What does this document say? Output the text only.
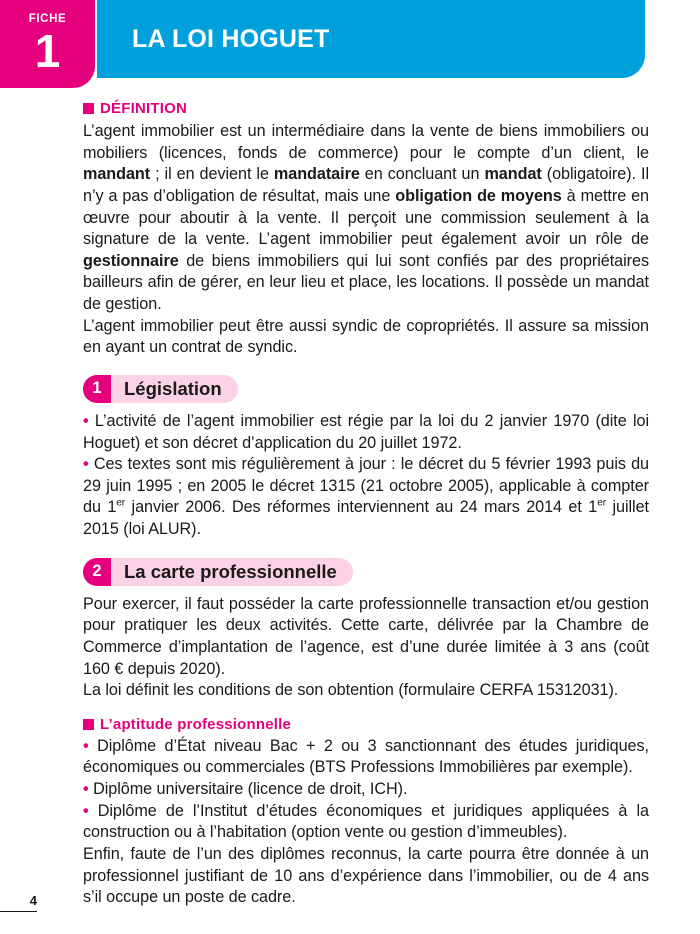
FICHE
1	LA LOI HOGUET
DÉFINITION

L’agent immobilier est un intermédiaire dans la vente de biens immobiliers ou mobiliers (licences, fonds de commerce) pour le compte d’un client, le mandant ; il en devient le mandataire en concluant un mandat (obligatoire). Il n’y a pas d’obligation de résultat, mais une obligation de moyens à mettre en œuvre pour aboutir à la vente. Il perçoit une commission seulement à la signature de la vente. L’agent immobilier peut également avoir un rôle de gestionnaire de biens immobiliers qui lui sont confiés par des propriétaires bailleurs afin de gérer, en leur lieu et place, les locations. Il possède un mandat de gestion.

L’agent immobilier peut être aussi syndic de copropriétés. Il assure sa mission en ayant un contrat de syndic.

1	Législation

• L’activité de l’agent immobilier est régie par la loi du 2 janvier 1970 (dite loi Hoguet) et son décret d’application du 20 juillet 1972.

• Ces textes sont mis régulièrement à jour : le décret du 5 février 1993 puis du 29 juin 1995 ; en 2005 le décret 1315 (21 octobre 2005), applicable à compter du 1er janvier 2006. Des réformes interviennent au 24 mars 2014 et 1er juillet 2015 (loi ALUR).

2	La carte professionnelle

Pour exercer, il faut posséder la carte professionnelle transaction et/ou gestion pour pratiquer les deux activités. Cette carte, délivrée par la Chambre de Commerce d’implantation de l’agence, est d’une durée limitée à 3 ans (coût 160 € depuis 2020).

La loi définit les conditions de son obtention (formulaire CERFA 15312031).

L’aptitude professionnelle

• Diplôme d’État niveau Bac + 2 ou 3 sanctionnant des études juridiques, économiques ou commerciales (BTS Professions Immobilières par exemple).

• Diplôme universitaire (licence de droit, ICH).

• Diplôme de l’Institut d’études économiques et juridiques appliquées à la construction ou à l’habitation (option vente ou gestion d’immeubles).

Enfin, faute de l’un des diplômes reconnus, la carte pourra être donnée à un professionnel justifiant de 10 ans d’expérience dans l’immobilier, ou de 4 ans s’il occupe un poste de cadre.

4
